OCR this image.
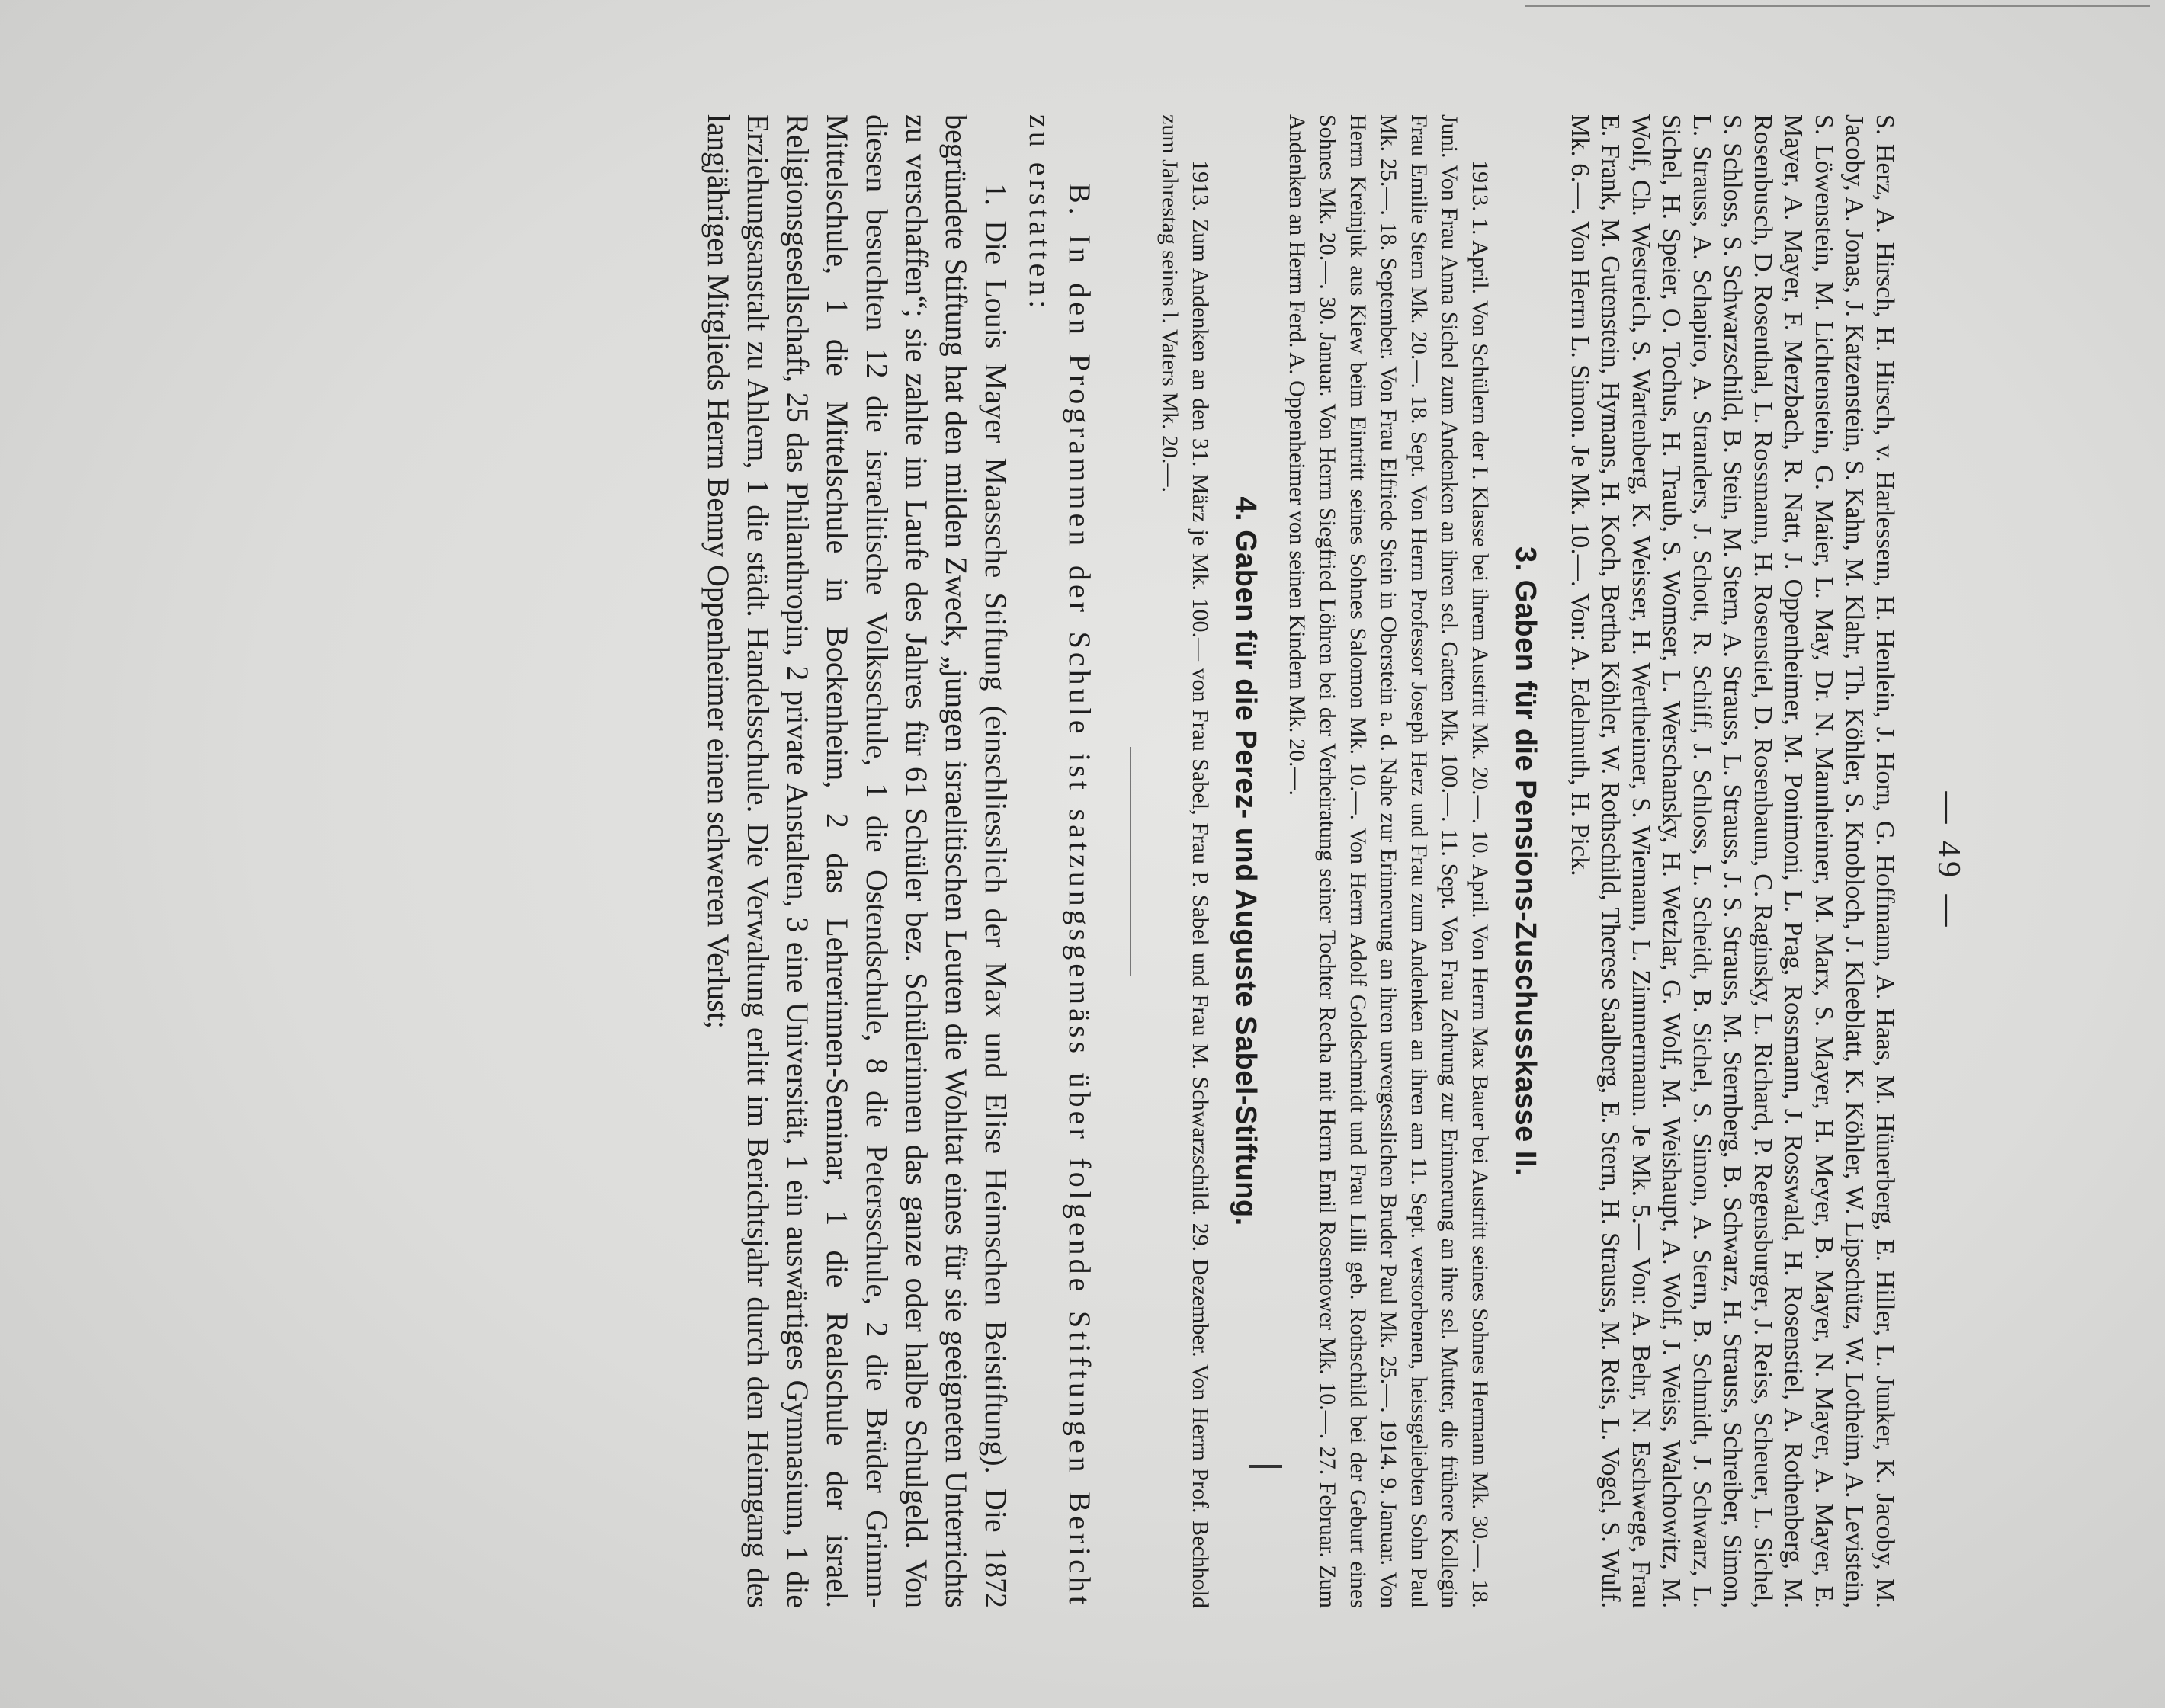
— 49 —

S. Herz, A. Hirsch, H. Hirsch, v. Harlessem, H. Henlein, J. Horn, G. Hoffmann, A. Haas, M. Hünerberg, E. Hiller, L. Junker, K. Jacoby, M. Jacoby, A. Jonas, J. Katzenstein, S. Kahn, M. Klahr, Th. Köhler, S. Knobloch, J. Kleeblatt, K. Köhler, W. Lipschütz, W. Lotheim, A. Levistein, S. Löwenstein, M. Lichtenstein, G. Maier, L. May, Dr. N. Mannheimer, M. Marx, S. Mayer, H. Meyer, B. Mayer, N. Mayer, A. Mayer, E. Mayer, A. Mayer, F. Merzbach, R. Natt, J. Oppenheimer, M. Ponimoni, L. Prag, Rossmann, J. Rosswald, H. Rosenstiel, A. Rothenberg, M. Rosenbusch, D. Rosenthal, L. Rossmann, H. Rosenstiel, D. Rosenbaum, C. Raginsky, L. Richard, P. Regensburger, J. Reiss, Scheuer, L. Sichel, S. Schloss, S. Schwarzschild, B. Stein, M. Stern, A. Strauss, L. Strauss, J. S. Strauss, M. Sternberg, B. Schwarz, H. Strauss, Schreiber, Simon, L. Strauss, A. Schapiro, A. Stranders, J. Schott, R. Schiff, J. Schloss, L. Scheidt, B. Sichel, S. Simon, A. Stern, B. Schmidt, J. Schwarz, L. Sichel, H. Speier, O. Tochus, H. Traub, S. Womser, L. Werschansky, H. Wetzlar, G. Wolf, M. Weishaupt, A. Wolf, J. Weiss, Walchowitz, M. Wolf, Ch. Westreich, S. Wartenberg, K. Weisser, H. Wertheimer, S. Wiemann, L. Zimmermann. Je Mk. 5.— Von: A. Behr, N. Eschwege, Frau E. Frank, M. Gutenstein, Hymans, H. Koch, Bertha Köhler, W. Rothschild, Therese Saalberg, E. Stern, H. Strauss, M. Reis, L. Vogel, S. Wulf. Mk. 6.—. Von Herrn L. Simon. Je Mk. 10.—. Von: A. Edelmuth, H. Pick.

3. Gaben für die Pensions-Zuschusskasse II.

1913. 1. April. Von Schülern der I. Klasse bei ihrem Austritt Mk. 20.—. 10. April. Von Herrn Max Bauer bei Austritt seines Sohnes Hermann Mk. 30.—. 18. Juni. Von Frau Anna Sichel zum Andenken an ihren sel. Gatten Mk. 100.—. 11. Sept. Von Frau Zehrung zur Erinnerung an ihre sel. Mutter, die frühere Kollegin Frau Emilie Stern Mk. 20.—. 18. Sept. Von Herrn Professor Joseph Herz und Frau zum Andenken an ihren am 11. Sept. verstorbenen, heissgeliebten Sohn Paul Mk. 25.—. 18. September. Von Frau Elfriede Stein in Oberstein a. d. Nahe zur Erinnerung an ihren unvergesslichen Bruder Paul Mk. 25.—. 1914. 9. Januar. Von Herrn Kreinjuk aus Kiew beim Eintritt seines Sohnes Salomon Mk. 10.—. Von Herrn Adolf Goldschmidt und Frau Lilli geb. Rothschild bei der Geburt eines Sohnes Mk. 20.—. 30. Januar. Von Herrn Siegfried Löhren bei der Verheiratung seiner Tochter Recha mit Herrn Emil Rosentower Mk. 10.—. 27. Februar. Zum Andenken an Herrn Ferd. A. Oppenheimer von seinen Kindern Mk. 20.—.

4. Gaben für die Perez- und Auguste Sabel-Stiftung.

1913. Zum Andenken an den 31. März je Mk. 100.— von Frau Sabel, Frau P. Sabel und Frau M. Schwarzschild. 29. Dezember. Von Herrn Prof. Bechhold zum Jahrestag seines l. Vaters Mk. 20.—.

B. In den Programmen der Schule ist satzungsgemäss über folgende Stiftungen Bericht zu erstatten:

1. Die Louis Mayer Maassche Stiftung (einschliesslich der Max und Elise Heimschen Beistiftung). Die 1872 begründete Stiftung hat den milden Zweck, „jungen israelitischen Leuten die Wohltat eines für sie geeigneten Unterrichts zu verschaffen“; sie zahlte im Laufe des Jahres für 61 Schüler bez. Schülerinnen das ganze oder halbe Schulgeld. Von diesen besuchten 12 die israelitische Volksschule, 1 die Ostendschule, 8 die Petersschule, 2 die Brüder Grimm-Mittelschule, 1 die Mittelschule in Bockenheim, 2 das Lehrerinnen-Seminar, 1 die Realschule der israel. Religionsgesellschaft, 25 das Philanthropin, 2 private Anstalten, 3 eine Universität, 1 ein auswärtiges Gymnasium, 1 die Erziehungsanstalt zu Ahlem, 1 die städt. Handelsschule. Die Verwaltung erlitt im Berichtsjahr durch den Heimgang des langjährigen Mitglieds Herrn Benny Oppenheimer einen schweren Verlust;
